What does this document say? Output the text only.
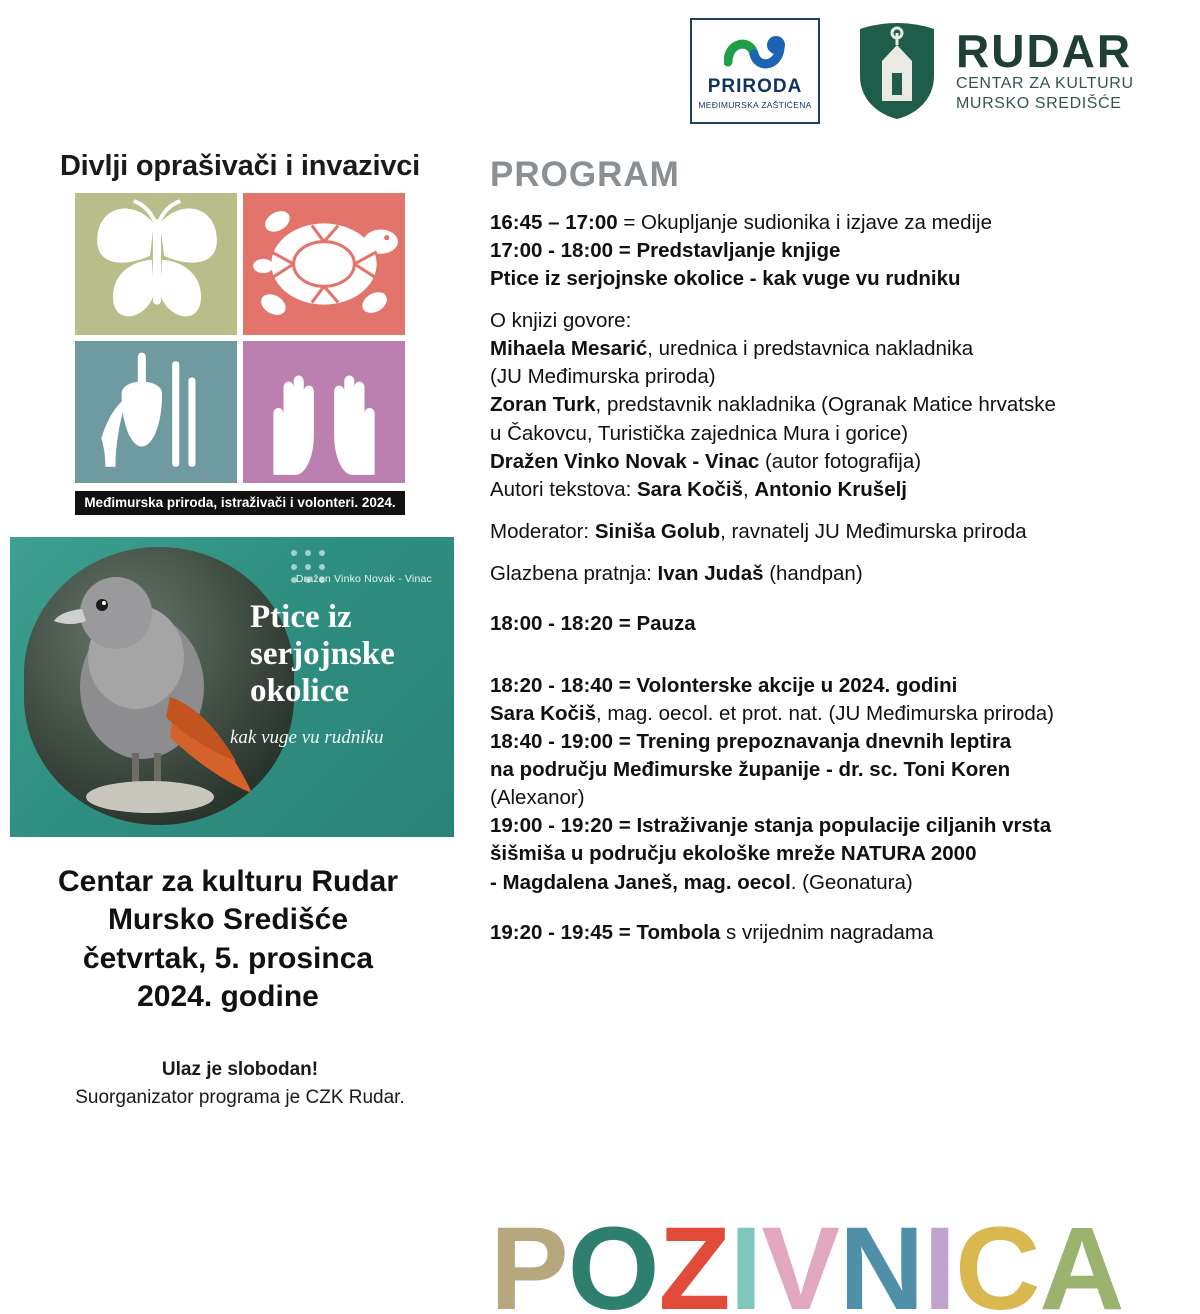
PRIRODA
MEĐIMURSKA ZAŠTIĆENA
RUDAR
CENTAR ZA KULTURU
MURSKO SREDIŠĆE
Divlji oprašivači i invazivci
Međimurska priroda, istraživači i volonteri. 2024.
Dražen Vinko Novak - Vinac
Ptice iz
serjojnske
okolice
kak vuge vu rudniku
Centar za kulturu Rudar
Mursko Središće
četvrtak, 5. prosinca
2024. godine
Ulaz je slobodan!
Suorganizator programa je CZK Rudar.
PROGRAM
16:45 – 17:00 = Okupljanje sudionika i izjave za medije
17:00 - 18:00 = Predstavljanje knjige
Ptice iz serjojnske okolice - kak vuge vu rudniku
O knjizi govore:
Mihaela Mesarić, urednica i predstavnica nakladnika
(JU Međimurska priroda)
Zoran Turk, predstavnik nakladnika (Ogranak Matice hrvatske
u Čakovcu, Turistička zajednica Mura i gorice)
Dražen Vinko Novak - Vinac (autor fotografija)
Autori tekstova: Sara Kočiš, Antonio Krušelj
Moderator: Siniša Golub, ravnatelj JU Međimurska priroda
Glazbena pratnja: Ivan Judaš (handpan)
18:00 - 18:20 = Pauza
18:20 - 18:40 = Volonterske akcije u 2024. godini
Sara Kočiš, mag. oecol. et prot. nat. (JU Međimurska priroda)
18:40 - 19:00 = Trening prepoznavanja dnevnih leptira
na području Međimurske županije - dr. sc. Toni Koren
(Alexanor)
19:00 - 19:20 = Istraživanje stanja populacije ciljanih vrsta
šišmiša u području ekološke mreže NATURA 2000
- Magdalena Janeš, mag. oecol. (Geonatura)
19:20 - 19:45 = Tombola s vrijednim nagradama
POZIVNICA
